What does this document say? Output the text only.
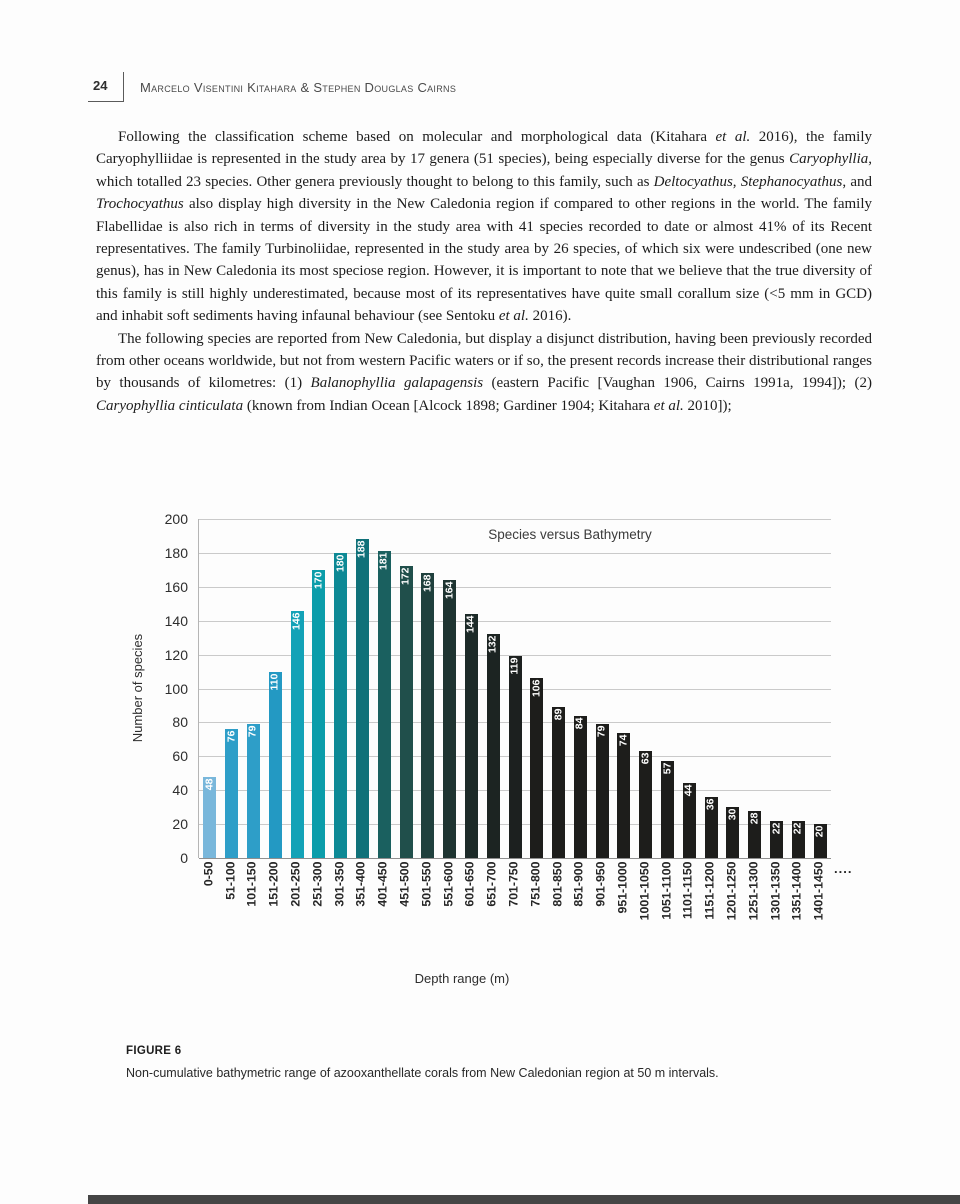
24	Marcelo Visentini Kitahara & Stephen Douglas Cairns

Following the classification scheme based on molecular and morphological data (Kitahara et al. 2016), the family Caryophylliidae is represented in the study area by 17 genera (51 species), being especially diverse for the genus Caryophyllia, which totalled 23 species. Other genera previously thought to belong to this family, such as Deltocyathus, Stephanocyathus, and Trochocyathus also display high diversity in the New Caledonia region if compared to other regions in the world. The family Flabellidae is also rich in terms of diversity in the study area with 41 species recorded to date or almost 41% of its Recent representatives. The family Turbinoliidae, represented in the study area by 26 species, of which six were undescribed (one new genus), has in New Caledonia its most speciose region. However, it is important to note that we believe that the true diversity of this family is still highly underestimated, because most of its representatives have quite small corallum size (<5 mm in GCD) and inhabit soft sediments having infaunal behaviour (see Sentoku et al. 2016).

The following species are reported from New Caledonia, but display a disjunct distribution, having been previously recorded from other oceans worldwide, but not from western Pacific waters or if so, the present records increase their distributional ranges by thousands of kilometres: (1) Balanophyllia galapagensis (eastern Pacific [Vaughan 1906, Cairns 1991a, 1994]); (2) Caryophyllia cinticulata (known from Indian Ocean [Alcock 1898; Gardiner 1904; Kitahara et al. 2010]);

0
20
40
60
80
100
120
140
160
180
200
Number of species
48
76 79
110
146
170
180
188
181
172 168 164
144
132
119
106
89
84
79
74
63
57
44
36
30 28
22 22 20
Species versus Bathymetry
....
Depth range (m)
0-50 51-100 101-150 151-200 201-250 251-300 301-350 351-400 401-450 451-500 501-550 551-600 601-650 651-700 701-750 751-800 801-850 851-900 901-950 951-1000 1001-1050 1051-1100 1101-1150 1151-1200 1201-1250 1251-1300 1301-1350 1351-1400 1401-1450
FIGURE 6
Non-cumulative bathymetric range of azooxanthellate corals from New Caledonian region at 50 m intervals.
